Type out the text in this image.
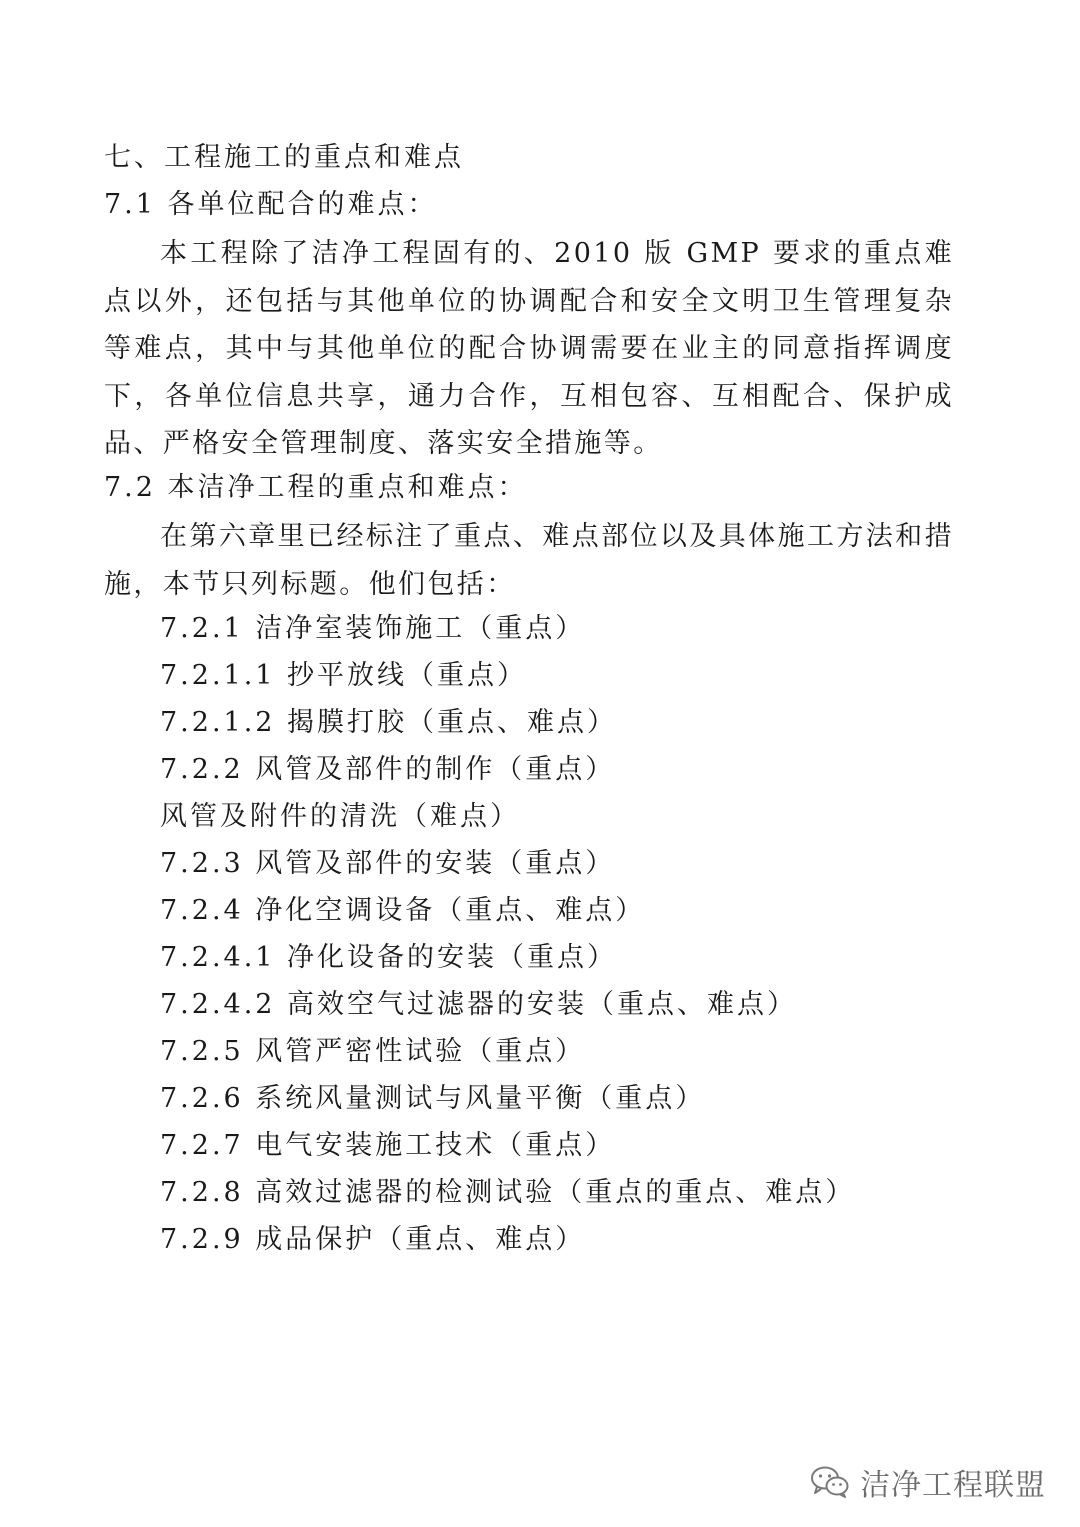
七、工程施工的重点和难点
7.1 各单位配合的难点：
本工程除了洁净工程固有的、2010 版 GMP 要求的重点难点以外，还包括与其他单位的协调配合和安全文明卫生管理复杂等难点，其中与其他单位的配合协调需要在业主的同意指挥调度下，各单位信息共享，通力合作，互相包容、互相配合、保护成品、严格安全管理制度、落实安全措施等。
7.2 本洁净工程的重点和难点：
在第六章里已经标注了重点、难点部位以及具体施工方法和措施，本节只列标题。他们包括：
7.2.1 洁净室装饰施工（重点）
7.2.1.1 抄平放线（重点）
7.2.1.2 揭膜打胶（重点、难点）
7.2.2 风管及部件的制作（重点）
风管及附件的清洗（难点）
7.2.3 风管及部件的安装（重点）
7.2.4 净化空调设备（重点、难点）
7.2.4.1 净化设备的安装（重点）
7.2.4.2 高效空气过滤器的安装（重点、难点）
7.2.5 风管严密性试验（重点）
7.2.6 系统风量测试与风量平衡（重点）
7.2.7 电气安装施工技术（重点）
7.2.8 高效过滤器的检测试验（重点的重点、难点）
7.2.9 成品保护（重点、难点）
洁净工程联盟
